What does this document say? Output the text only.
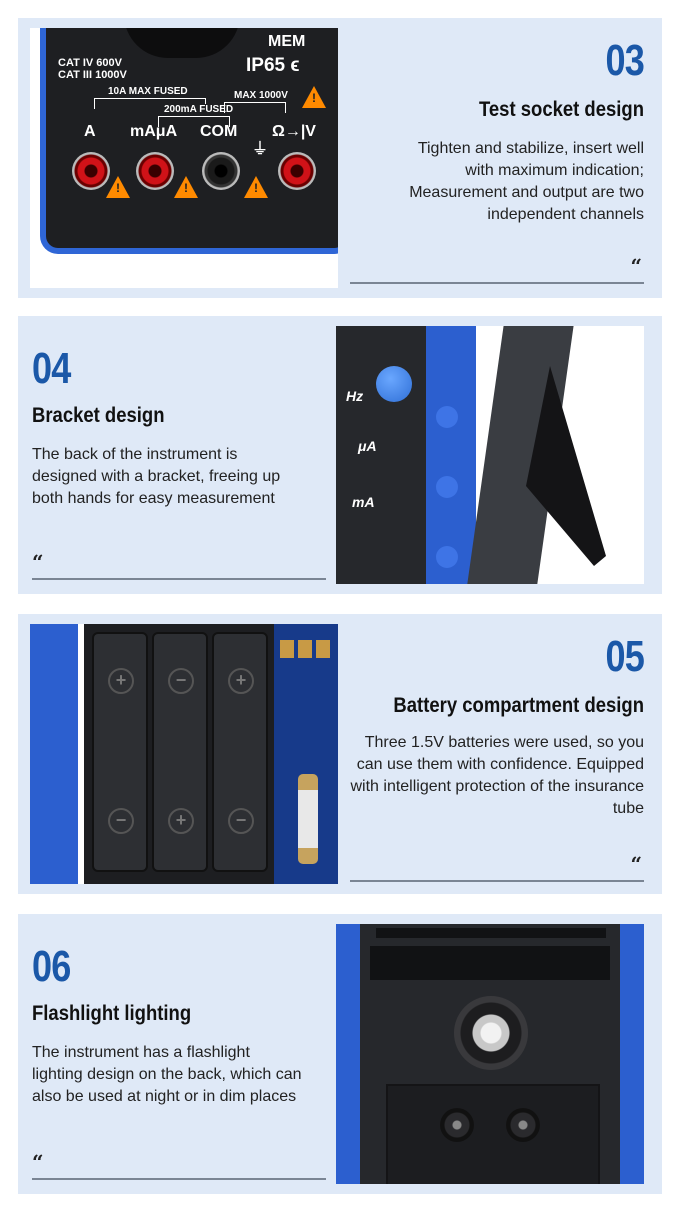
CAT IV 600V
CAT III 1000V
MEM
IP65 ϵ
10A MAX FUSED
200mA FUSED
MAX 1000V !
A mAμA COM Ω→|V
!	!	!
⏚
03
Test socket design
Tighten and stabilize, insert well with maximum indication; Measurement and output are two independent channels
“
04
Bracket design
The back of the instrument is designed with a bracket, freeing up both hands for easy measurement
“
Hz
μA
mA
+
−
−
+
+
−
05
Battery compartment design
Three 1.5V batteries were used, so you can use them with confidence. Equipped with intelligent protection of the insurance tube
“
06
Flashlight lighting
The instrument has a flashlight lighting design on the back, which can also be used at night or in dim places
“
